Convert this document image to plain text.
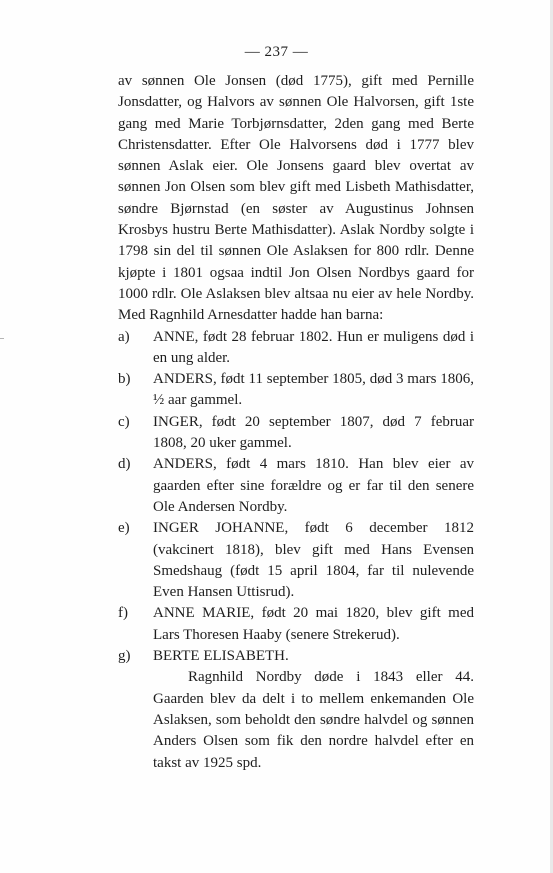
— 237 —

av sønnen Ole Jonsen (død 1775), gift med Pernille Jonsdatter, og Halvors av sønnen Ole Halvorsen, gift 1ste gang med Marie Torbjørnsdatter, 2den gang med Berte Christensdatter. Efter Ole Halvorsens død i 1777 blev sønnen Aslak eier. Ole Jonsens gaard blev overtat av sønnen Jon Olsen som blev gift med Lisbeth Mathisdatter, søndre Bjørnstad (en søster av Augustinus Johnsen Krosbys hustru Berte Mathisdatter). Aslak Nordby solgte i 1798 sin del til sønnen Ole Aslaksen for 800 rdlr. Denne kjøpte i 1801 ogsaa indtil Jon Olsen Nordbys gaard for 1000 rdlr. Ole Aslaksen blev altsaa nu eier av hele Nordby. Med Ragnhild Arnesdatter hadde han barna:

a)	ANNE, født 28 februar 1802. Hun er muligens død i en ung alder.
b)	ANDERS, født 11 september 1805, død 3 mars 1806, ½ aar gammel.
c)	INGER, født 20 september 1807, død 7 februar 1808, 20 uker gammel.
d)	ANDERS, født 4 mars 1810. Han blev eier av gaarden efter sine forældre og er far til den senere Ole Andersen Nordby.
e)	INGER JOHANNE, født 6 december 1812 (vakcinert 1818), blev gift med Hans Evensen Smedshaug (født 15 april 1804, far til nulevende Even Hansen Uttisrud).
f)	ANNE MARIE, født 20 mai 1820, blev gift med Lars Thoresen Haaby (senere Strekerud).
g)	BERTE ELISABETH.

Ragnhild Nordby døde i 1843 eller 44. Gaarden blev da delt i to mellem enkemanden Ole Aslaksen, som beholdt den søndre halvdel og sønnen Anders Olsen som fik den nordre halvdel efter en takst av 1925 spd.
